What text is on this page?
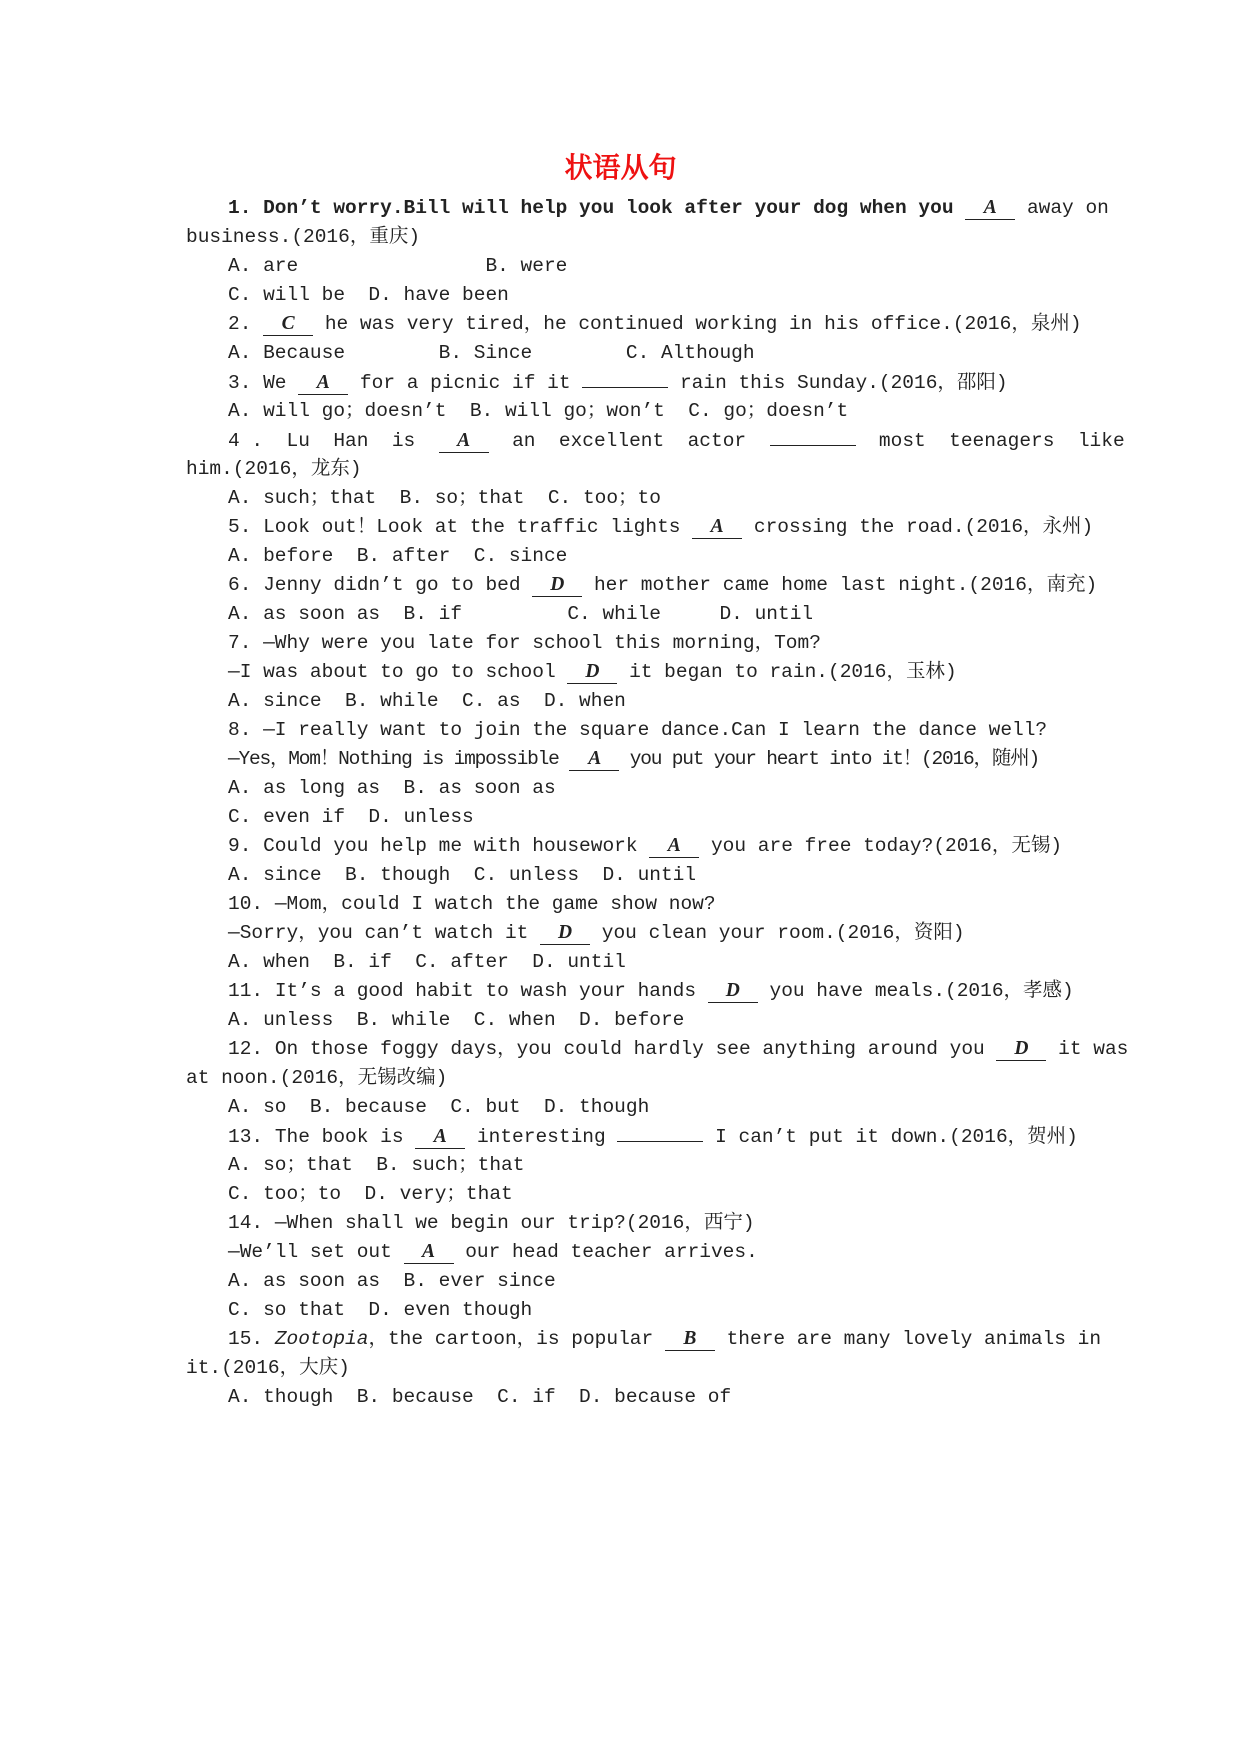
状语从句
1. Don’t worry.Bill will help you look after your dog when you A away on
business.(2016，重庆)
A. are                B. were
C. will be  D. have been
2. C he was very tired，he continued working in his office.(2016，泉州)
A. Because        B. Since        C. Although
3. We A for a picnic if it	rain this Sunday.(2016，邵阳)
A. will go；doesn’t  B. will go；won’t  C. go；doesn’t
4 .  Lu  Han  is A an  excellent  actor	most  teenagers  like
him.(2016，龙东)
A. such；that  B. so；that  C. too；to
5. Look out！Look at the traffic lights A crossing the road.(2016，永州)
A. before  B. after  C. since
6. Jenny didn’t go to bed D her mother came home last night.(2016，南充)
A. as soon as  B. if         C. while     D. until
7. —Why were you late for school this morning，Tom?
—I was about to go to school D it began to rain.(2016，玉林)
A. since  B. while  C. as  D. when
8. —I really want to join the square dance.Can I learn the dance well?
—Yes，Mom！Nothing is impossible A you put your heart into it！(2016，随州)
A. as long as  B. as soon as
C. even if  D. unless
9. Could you help me with housework A you are free today?(2016，无锡)
A. since  B. though  C. unless  D. until
10. —Mom，could I watch the game show now?
—Sorry，you can’t watch it D you clean your room.(2016，资阳)
A. when  B. if  C. after  D. until
11. It’s a good habit to wash your hands D you have meals.(2016，孝感)
A. unless  B. while  C. when  D. before
12. On those foggy days，you could hardly see anything around you D it was
at noon.(2016，无锡改编)
A. so  B. because  C. but  D. though
13. The book is A interesting	I can’t put it down.(2016，贺州)
A. so；that  B. such；that
C. too；to  D. very；that
14. —When shall we begin our trip?(2016，西宁)
—We’ll set out A our head teacher arrives.
A. as soon as  B. ever since
C. so that  D. even though
15. Zootopia，the cartoon，is popular B there are many lovely animals in
it.(2016，大庆)
A. though  B. because  C. if  D. because of
